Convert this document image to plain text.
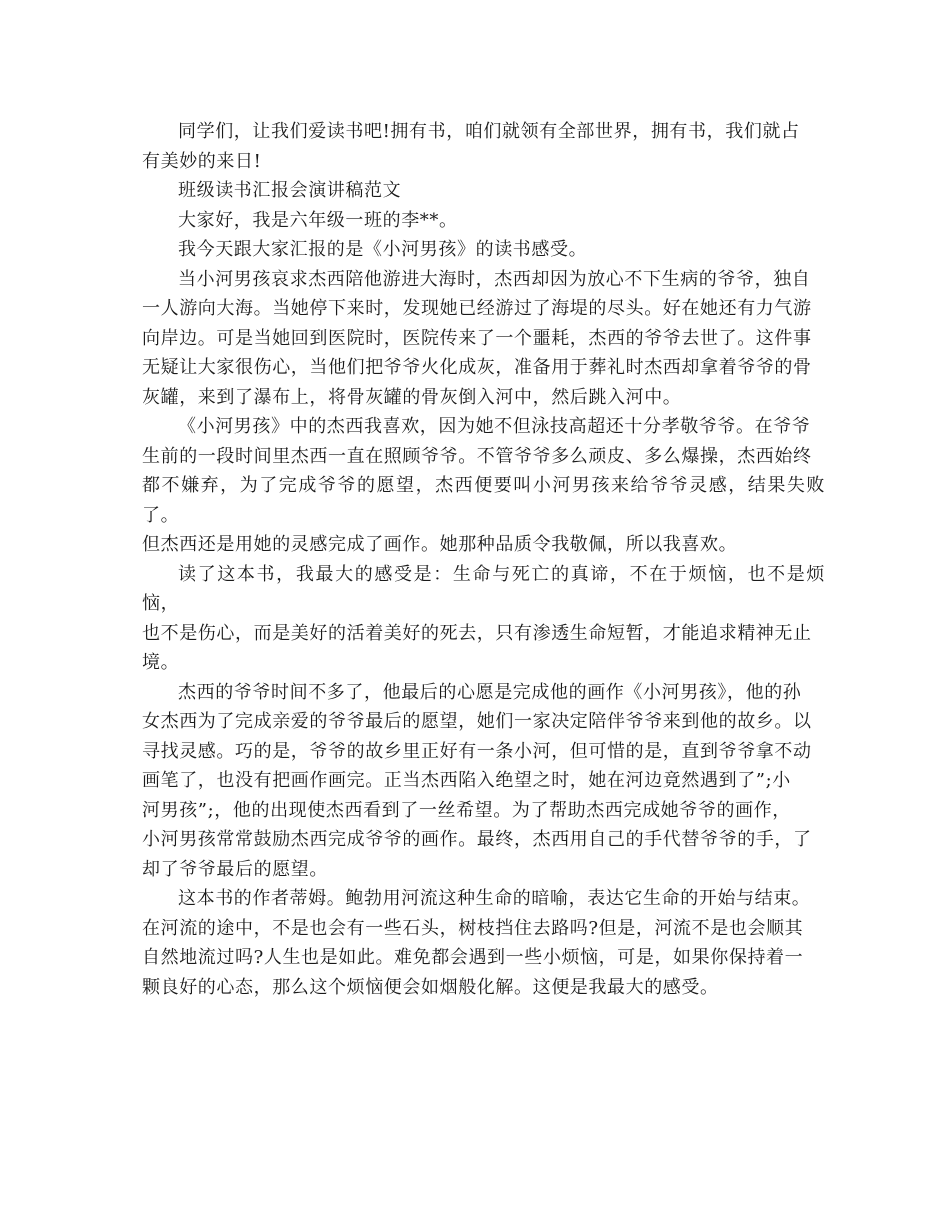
同学们，让我们爱读书吧!拥有书，咱们就领有全部世界，拥有书，我们就占
有美妙的来日!

班级读书汇报会演讲稿范文

大家好，我是六年级一班的李**。

我今天跟大家汇报的是《小河男孩》的读书感受。

当小河男孩哀求杰西陪他游进大海时，杰西却因为放心不下生病的爷爷，独自
一人游向大海。当她停下来时，发现她已经游过了海堤的尽头。好在她还有力气游
向岸边。可是当她回到医院时，医院传来了一个噩耗，杰西的爷爷去世了。这件事
无疑让大家很伤心，当他们把爷爷火化成灰，准备用于葬礼时杰西却拿着爷爷的骨
灰罐，来到了瀑布上，将骨灰罐的骨灰倒入河中，然后跳入河中。

《小河男孩》中的杰西我喜欢，因为她不但泳技高超还十分孝敬爷爷。在爷爷
生前的一段时间里杰西一直在照顾爷爷。不管爷爷多么顽皮、多么爆操，杰西始终
都不嫌弃，为了完成爷爷的愿望，杰西便要叫小河男孩来给爷爷灵感，结果失败了。
但杰西还是用她的灵感完成了画作。她那种品质令我敬佩，所以我喜欢。

读了这本书，我最大的感受是：生命与死亡的真谛，不在于烦恼，也不是烦恼，
也不是伤心，而是美好的活着美好的死去，只有渗透生命短暂，才能追求精神无止
境。

杰西的爷爷时间不多了，他最后的心愿是完成他的画作《小河男孩》，他的孙
女杰西为了完成亲爱的爷爷最后的愿望，她们一家决定陪伴爷爷来到他的故乡。以
寻找灵感。巧的是，爷爷的故乡里正好有一条小河，但可惜的是，直到爷爷拿不动
画笔了，也没有把画作画完。正当杰西陷入绝望之时，她在河边竟然遇到了”;小
河男孩”;，他的出现使杰西看到了一丝希望。为了帮助杰西完成她爷爷的画作，
小河男孩常常鼓励杰西完成爷爷的画作。最终，杰西用自己的手代替爷爷的手，了
却了爷爷最后的愿望。

这本书的作者蒂姆。鲍勃用河流这种生命的暗喻，表达它生命的开始与结束。
在河流的途中，不是也会有一些石头，树枝挡住去路吗?但是，河流不是也会顺其
自然地流过吗?人生也是如此。难免都会遇到一些小烦恼，可是，如果你保持着一
颗良好的心态，那么这个烦恼便会如烟般化解。这便是我最大的感受。
